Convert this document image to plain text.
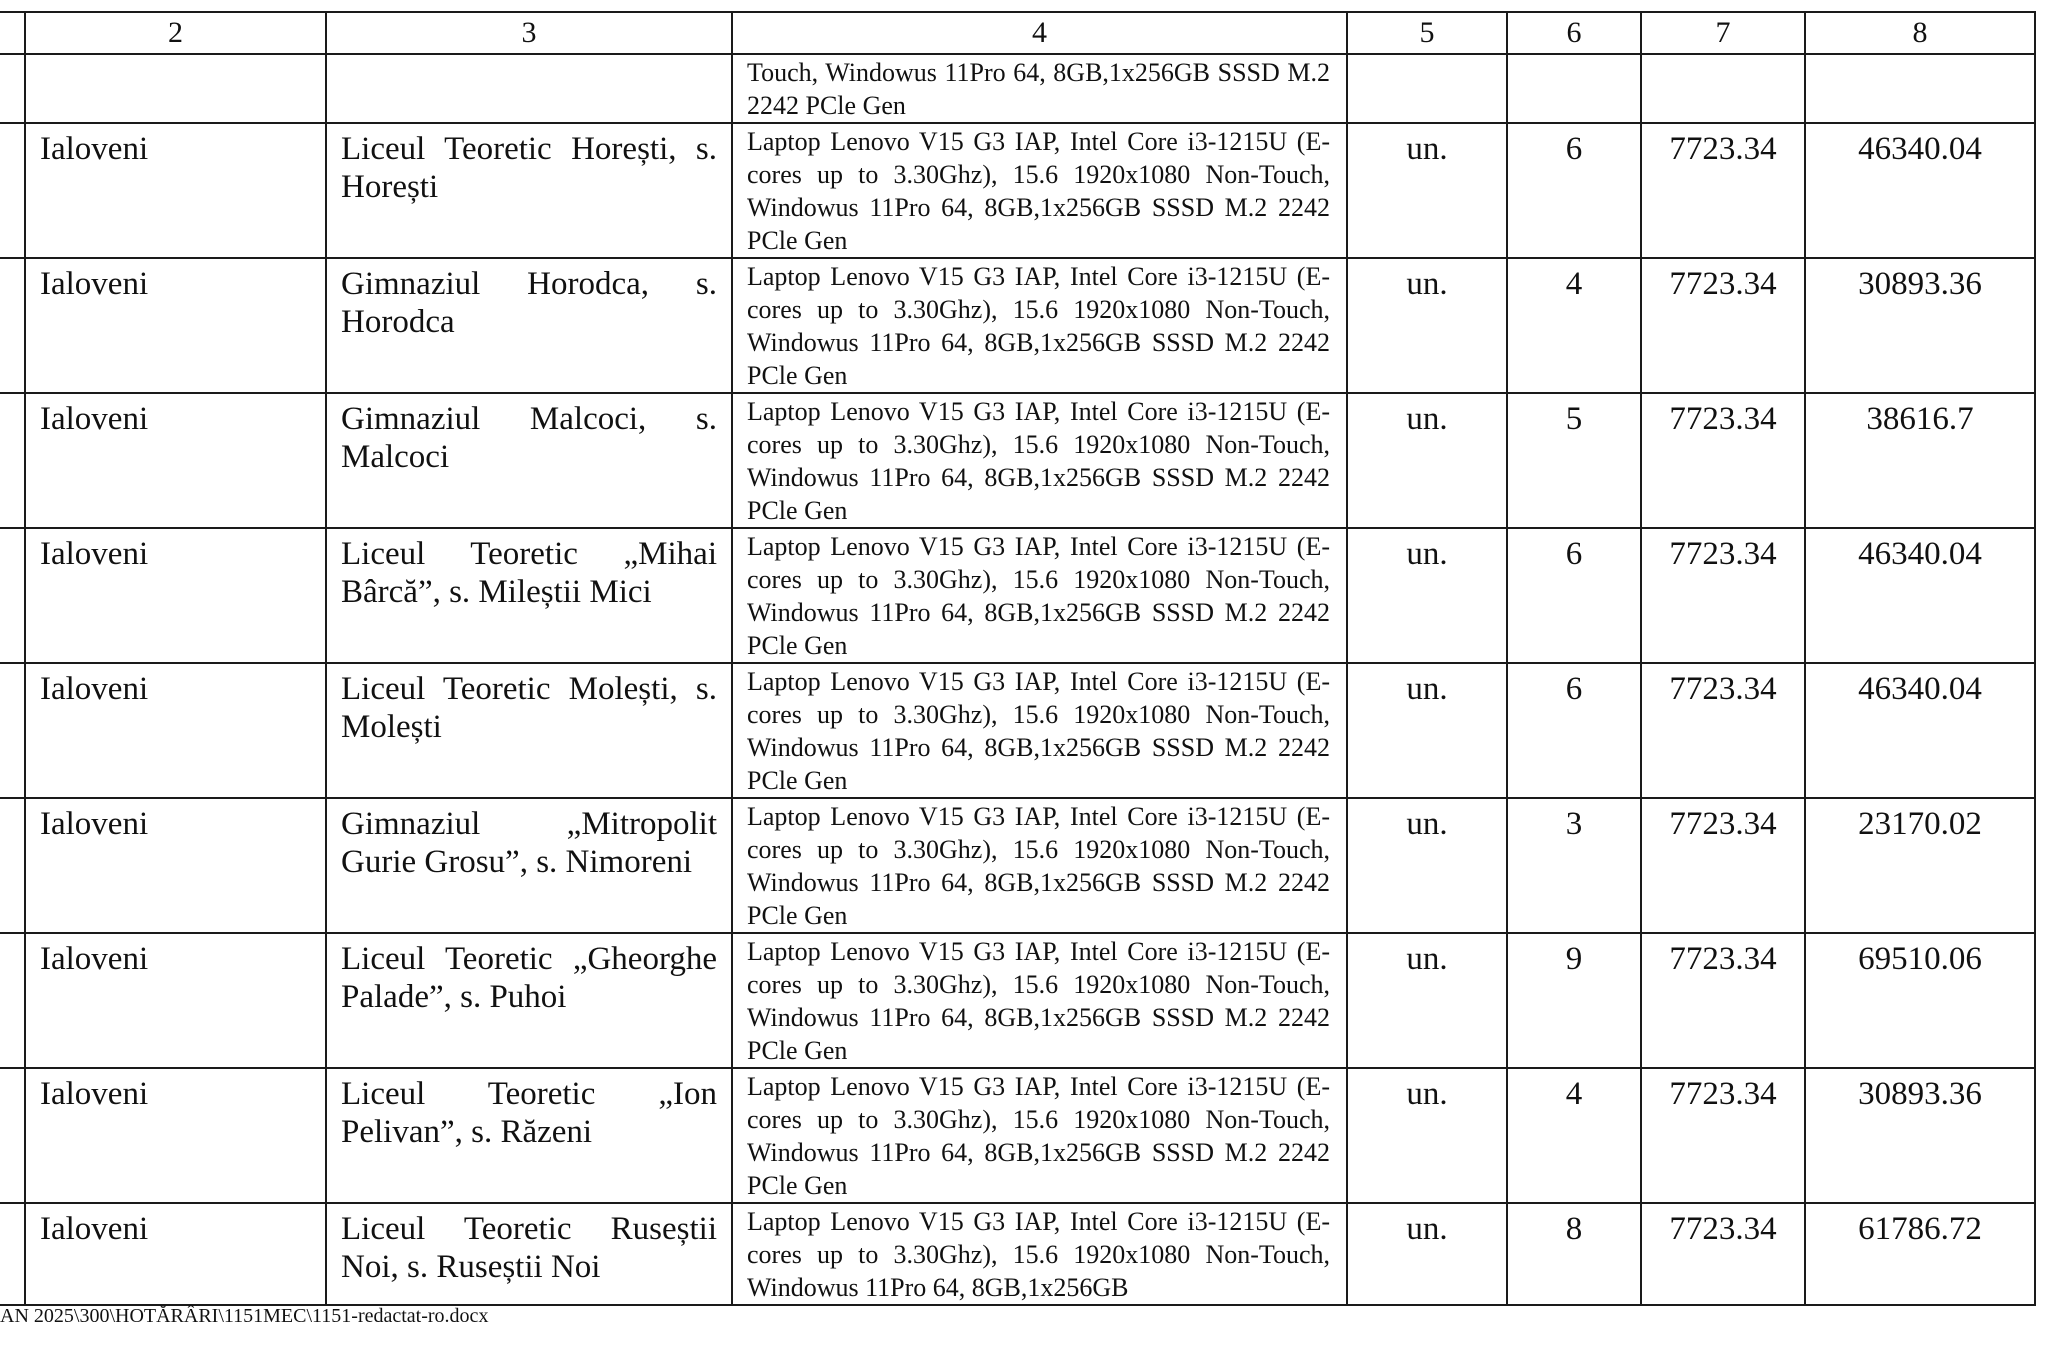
	2	3	4	5	6	7	8
			Touch, Windowus 11Pro 64, 8GB,1x256GB SSSD M.2 2242 PCle Gen				
	Ialoveni	Liceul Teoretic Horești, s. Horești	Laptop Lenovo V15 G3 IAP, Intel Core i3-1215U (E-cores up to 3.30Ghz), 15.6 1920x1080 Non-Touch, Windowus 11Pro 64, 8GB,1x256GB SSSD M.2 2242 PCle Gen	un.	6	7723.34	46340.04
	Ialoveni	Gimnaziul Horodca, s. Horodca	Laptop Lenovo V15 G3 IAP, Intel Core i3-1215U (E-cores up to 3.30Ghz), 15.6 1920x1080 Non-Touch, Windowus 11Pro 64, 8GB,1x256GB SSSD M.2 2242 PCle Gen	un.	4	7723.34	30893.36
	Ialoveni	Gimnaziul Malcoci, s. Malcoci	Laptop Lenovo V15 G3 IAP, Intel Core i3-1215U (E-cores up to 3.30Ghz), 15.6 1920x1080 Non-Touch, Windowus 11Pro 64, 8GB,1x256GB SSSD M.2 2242 PCle Gen	un.	5	7723.34	38616.7
	Ialoveni	Liceul Teoretic „Mihai Bârcă”, s. Mileștii Mici	Laptop Lenovo V15 G3 IAP, Intel Core i3-1215U (E-cores up to 3.30Ghz), 15.6 1920x1080 Non-Touch, Windowus 11Pro 64, 8GB,1x256GB SSSD M.2 2242 PCle Gen	un.	6	7723.34	46340.04
	Ialoveni	Liceul Teoretic Molești, s. Molești	Laptop Lenovo V15 G3 IAP, Intel Core i3-1215U (E-cores up to 3.30Ghz), 15.6 1920x1080 Non-Touch, Windowus 11Pro 64, 8GB,1x256GB SSSD M.2 2242 PCle Gen	un.	6	7723.34	46340.04
	Ialoveni	Gimnaziul „Mitropolit Gurie Grosu”, s. Nimoreni	Laptop Lenovo V15 G3 IAP, Intel Core i3-1215U (E-cores up to 3.30Ghz), 15.6 1920x1080 Non-Touch, Windowus 11Pro 64, 8GB,1x256GB SSSD M.2 2242 PCle Gen	un.	3	7723.34	23170.02
	Ialoveni	Liceul Teoretic „Gheorghe Palade”, s. Puhoi	Laptop Lenovo V15 G3 IAP, Intel Core i3-1215U (E-cores up to 3.30Ghz), 15.6 1920x1080 Non-Touch, Windowus 11Pro 64, 8GB,1x256GB SSSD M.2 2242 PCle Gen	un.	9	7723.34	69510.06
	Ialoveni	Liceul Teoretic „Ion Pelivan”, s. Răzeni	Laptop Lenovo V15 G3 IAP, Intel Core i3-1215U (E-cores up to 3.30Ghz), 15.6 1920x1080 Non-Touch, Windowus 11Pro 64, 8GB,1x256GB SSSD M.2 2242 PCle Gen	un.	4	7723.34	30893.36
	Ialoveni	Liceul Teoretic Ruseștii Noi, s. Ruseștii Noi	Laptop Lenovo V15 G3 IAP, Intel Core i3-1215U (E-cores up to 3.30Ghz), 15.6 1920x1080 Non-Touch, Windowus 11Pro 64, 8GB,1x256GB	un.	8	7723.34	61786.72
AN 2025\300\HOTĂRÂRI\1151MEC\1151-redactat-ro.docx
